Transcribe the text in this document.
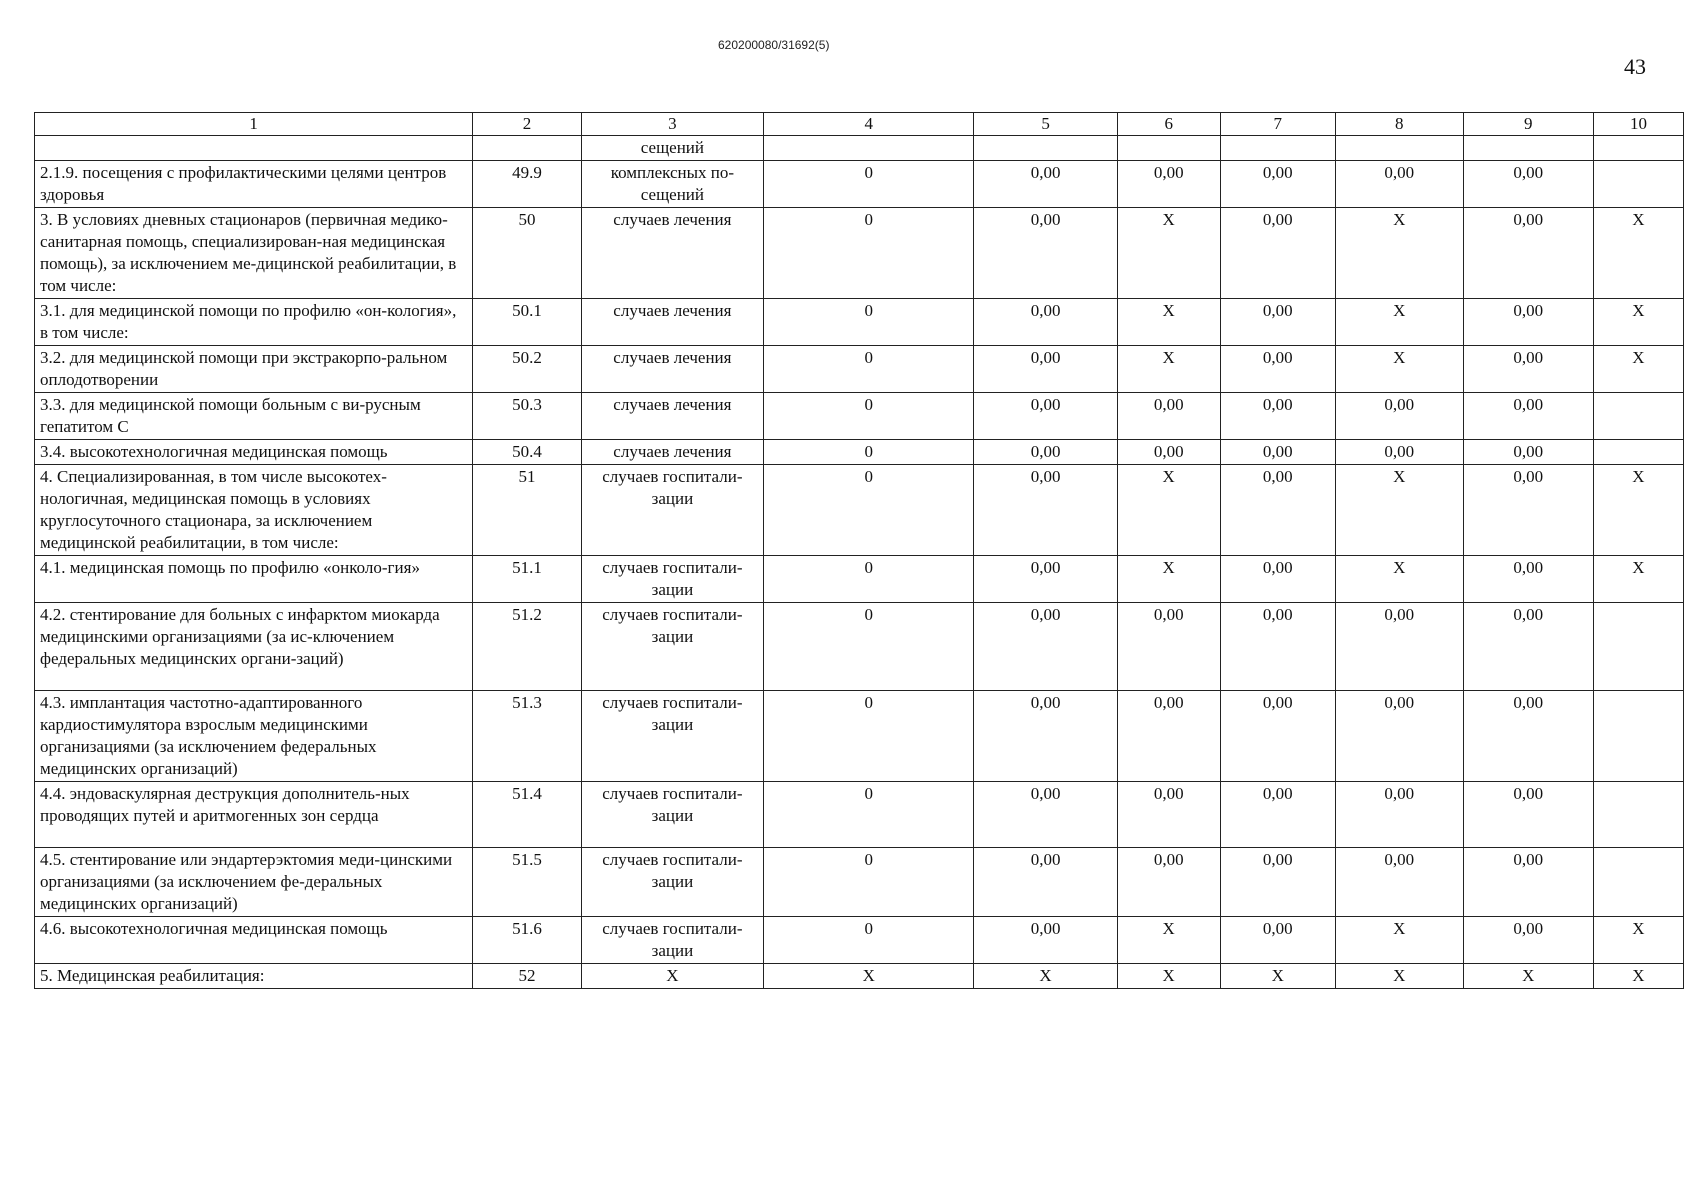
620200080/31692(5)
43
1	2	3	4	5	6	7	8	9	10
		сещений							
2.1.9. посещения с профилактическими целями центров здоровья	49.9	комплексных по-сещений	0	0,00	0,00	0,00	0,00	0,00	
3. В условиях дневных стационаров (первичная медико-санитарная помощь, специализирован-ная медицинская помощь), за исключением ме-дицинской реабилитации, в том числе:	50	случаев лечения	0	0,00	X	0,00	X	0,00	X
3.1. для медицинской помощи по профилю «он-кология», в том числе:	50.1	случаев лечения	0	0,00	X	0,00	X	0,00	X
3.2. для медицинской помощи при экстракорпо-ральном оплодотворении	50.2	случаев лечения	0	0,00	X	0,00	X	0,00	X
3.3. для медицинской помощи больным с ви-русным гепатитом С	50.3	случаев лечения	0	0,00	0,00	0,00	0,00	0,00	
3.4. высокотехнологичная медицинская помощь	50.4	случаев лечения	0	0,00	0,00	0,00	0,00	0,00	
4. Специализированная, в том числе высокотех-нологичная, медицинская помощь в условиях круглосуточного стационара, за исключением медицинской реабилитации, в том числе:	51	случаев госпитали-зации	0	0,00	X	0,00	X	0,00	X
4.1. медицинская помощь по профилю «онколо-гия»	51.1	случаев госпитали-зации	0	0,00	X	0,00	X	0,00	X
4.2. стентирование для больных с инфарктом миокарда медицинскими организациями (за ис-ключением федеральных медицинских органи-заций)	51.2	случаев госпитали-зации	0	0,00	0,00	0,00	0,00	0,00	
4.3. имплантация частотно-адаптированного кардиостимулятора взрослым медицинскими организациями (за исключением федеральных медицинских организаций)	51.3	случаев госпитали-зации	0	0,00	0,00	0,00	0,00	0,00	
4.4. эндоваскулярная деструкция дополнитель-ных проводящих путей и аритмогенных зон сердца	51.4	случаев госпитали-зации	0	0,00	0,00	0,00	0,00	0,00	
4.5. стентирование или эндартерэктомия меди-цинскими организациями (за исключением фе-деральных медицинских организаций)	51.5	случаев госпитали-зации	0	0,00	0,00	0,00	0,00	0,00	
4.6. высокотехнологичная медицинская помощь	51.6	случаев госпитали-зации	0	0,00	X	0,00	X	0,00	X
5. Медицинская реабилитация:	52	X	X	X	X	X	X	X	X
